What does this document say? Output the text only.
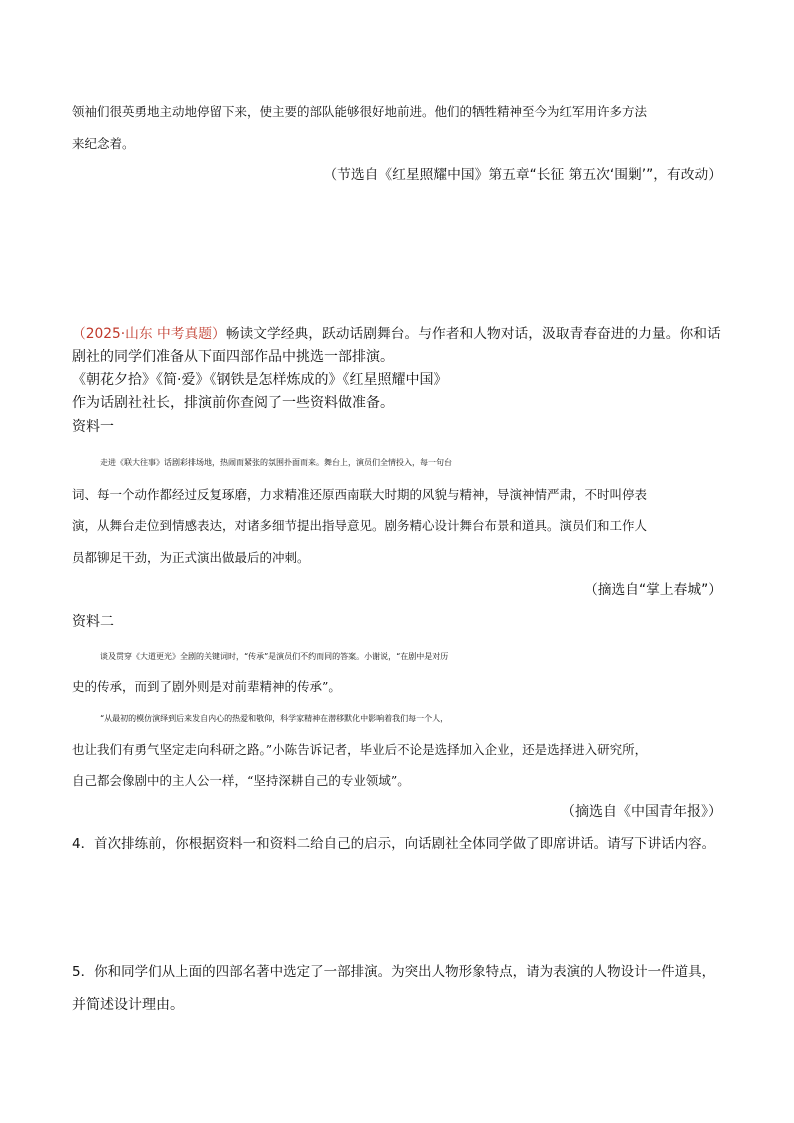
领袖们很英勇地主动地停留下来，使主要的部队能够很好地前进。他们的牺牲精神至今为红军用许多方法

来纪念着。

（节选自《红星照耀中国》第五章“长征 第五次‘围剿’”，有改动）

（2025·山东 中考真题）畅读文学经典，跃动话剧舞台。与作者和人物对话，汲取青春奋进的力量。你和话

剧社的同学们准备从下面四部作品中挑选一部排演。

《朝花夕拾》《简·爱》《钢铁是怎样炼成的》《红星照耀中国》

作为话剧社社长，排演前你查阅了一些资料做准备。

资料一

走进《联大往事》话剧彩排场地，热闹而紧张的氛围扑面而来。舞台上，演员们全情投入，每一句台

词、每一个动作都经过反复琢磨，力求精准还原西南联大时期的风貌与精神，导演神情严肃，不时叫停表

演，从舞台走位到情感表达，对诸多细节提出指导意见。剧务精心设计舞台布景和道具。演员们和工作人

员都铆足干劲，为正式演出做最后的冲刺。

（摘选自“掌上春城”）

资料二

谈及贯穿《大道更光》全剧的关键词时，“传承”是演员们不约而同的答案。小谢说，“在剧中是对历

史的传承，而到了剧外则是对前辈精神的传承”。

“从最初的模仿演绎到后来发自内心的热爱和敬仰，科学家精神在潜移默化中影响着我们每一个人，

也让我们有勇气坚定走向科研之路。”小陈告诉记者，毕业后不论是选择加入企业，还是选择进入研究所，

自己都会像剧中的主人公一样，“坚持深耕自己的专业领域”。

（摘选自《中国青年报》）

4．首次排练前，你根据资料一和资料二给自己的启示，向话剧社全体同学做了即席讲话。请写下讲话内容。

5．你和同学们从上面的四部名著中选定了一部排演。为突出人物形象特点，请为表演的人物设计一件道具，

并简述设计理由。
